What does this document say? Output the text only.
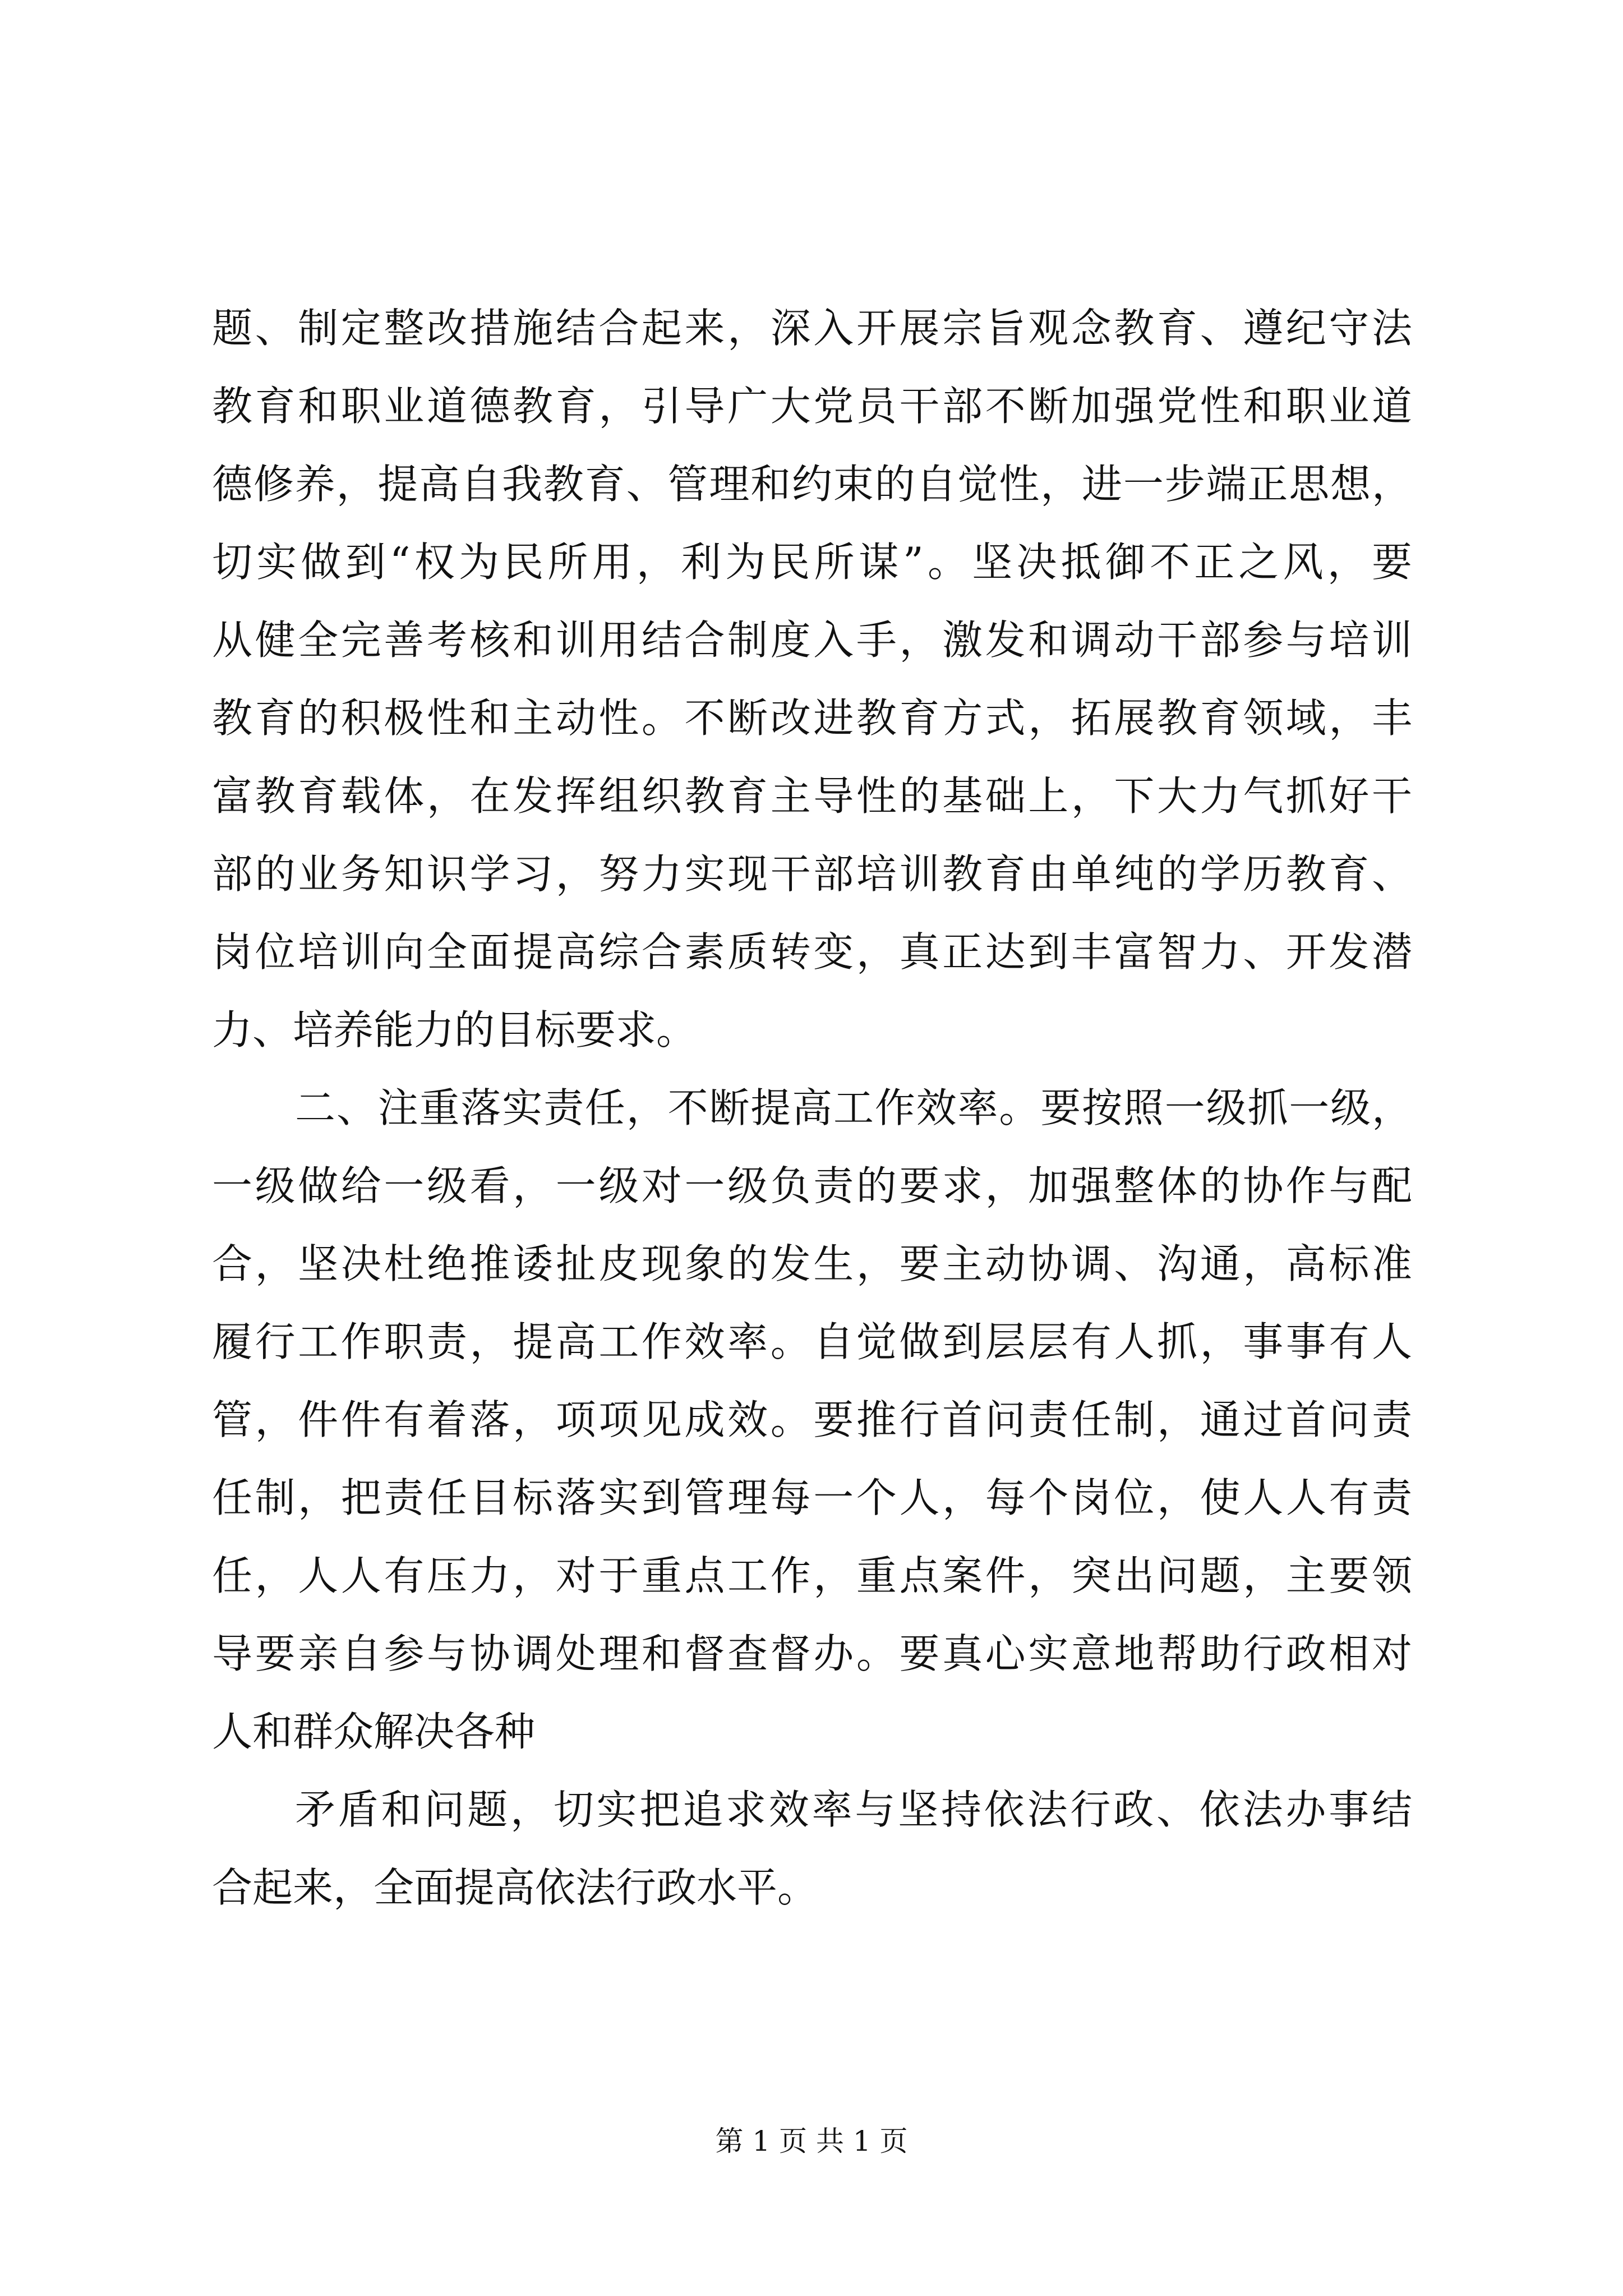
题、制定整改措施结合起来，深入开展宗旨观念教育、遵纪守法
教育和职业道德教育，引导广大党员干部不断加强党性和职业道
德修养，提高自我教育、管理和约束的自觉性，进一步端正思想，
切实做到“权为民所用，利为民所谋”。坚决抵御不正之风，要
从健全完善考核和训用结合制度入手，激发和调动干部参与培训
教育的积极性和主动性。不断改进教育方式，拓展教育领域，丰
富教育载体，在发挥组织教育主导性的基础上，下大力气抓好干
部的业务知识学习，努力实现干部培训教育由单纯的学历教育、
岗位培训向全面提高综合素质转变，真正达到丰富智力、开发潜
力、培养能力的目标要求。
二、注重落实责任，不断提高工作效率。要按照一级抓一级，
一级做给一级看，一级对一级负责的要求，加强整体的协作与配
合，坚决杜绝推诿扯皮现象的发生，要主动协调、沟通，高标准
履行工作职责，提高工作效率。自觉做到层层有人抓，事事有人
管，件件有着落，项项见成效。要推行首问责任制，通过首问责
任制，把责任目标落实到管理每一个人，每个岗位，使人人有责
任，人人有压力，对于重点工作，重点案件，突出问题，主要领
导要亲自参与协调处理和督查督办。要真心实意地帮助行政相对
人和群众解决各种
矛盾和问题，切实把追求效率与坚持依法行政、依法办事结
合起来，全面提高依法行政水平。
第 1 页 共 1 页
